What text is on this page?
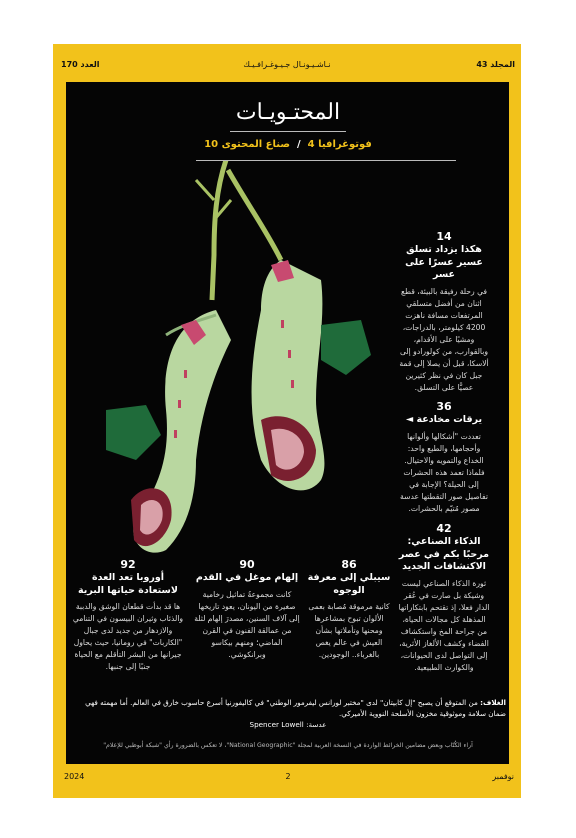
المجلد 43
نـاشـيـونـال جـيـوغـرافـيـك
العدد 170
المحتـويـات
فوتوغرافيا 4  /  صناع المحتوى 10
14
هكذا يزداد تسلق عسير عسرًا على عسر
في رحلة رفيقة بالبيئة، قطع اثنان من أفضل متسلقي المرتفعات مسافة ناهزت 4200 كيلومتر، بالدراجات، ومشيًا على الأقدام، وبالقوارب، من كولورادو إلى ألاسكا، قبل أن يصلا إلى قمة جبل كان في نظر كثيرين عصيًّا على التسلق.
36
يرقات مخادعة ◄
تعددت "أشكالها وألوانها وأحجامها، والطبع واحد: الخداع والتمويه والاحتيال. فلماذا تعمد هذه الحشرات إلى الحيلة؟ الإجابة في تفاصيل صور التقطتها عدسة مصور مُتيّم بالحشرات.
42
الذكاء الصناعي: مرحبًا بكم في عصر الاكتشافات الجديد
ثورة الذكاء الصناعي ليست وشيكة بل صارت في عُقر الدار فعلا، إذ تقتحم بابتكاراتها المذهلة كل مجالات الحياة، من جراحة المخ واستكشاف الفضاء وكشف الألغاز الأثرية، إلى التواصل لدى الحيوانات، والكوارث الطبيعية.
86
سيبلي إلى معرفة الوجوه
كانية مرموقة مُصابة بعمى الألوان تبوح بمشاعرها ومحنها وتأملاتها بشأن العيش في عالم يغص بالغرباء.. الوجودين.
90
إلهام موغل في القدم
كانت مجموعةُ تماثيل رخامية صغيرة من اليونان، يعود تاريخها إلى آلاف السنين، مصدرَ إلهام لثلة من عمالقة الفنون في القرن الماضي؛ ومنهم بيكاسو وبرانكوشي.
92
أوروبا تعد العدة لاستعادة حياتها البرية
ها قد بدأت قطعان الوشق والدببة والذئاب وثيران البيسون في التنامي والازدهار من جديد لدى جبال "الكاربات" في رومانيا، حيث يحاول جيرانها من البشر التأقلم مع الحياة جنبًا إلى جنبها.
الغلاف: من المتوقع أن يصبح "إل كابيتان" لدى "مختبر لورانس ليفرمور الوطني" في كاليفورنيا أسرع حاسوب خارق في العالم. أما مهمته فهي ضمان سلامة وموثوقية مخزون الأسلحة النووية الأميركي.
عدسة: Spencer Lowell
آراء الكُتّاب وبعض مضامين الخرائط الواردة في النسخة العربية لمجلة "National Geographic"، لا تعكس بالضرورة رأي "شبكة أبوظبي للإعلام"
نوفمبر
2
2024
